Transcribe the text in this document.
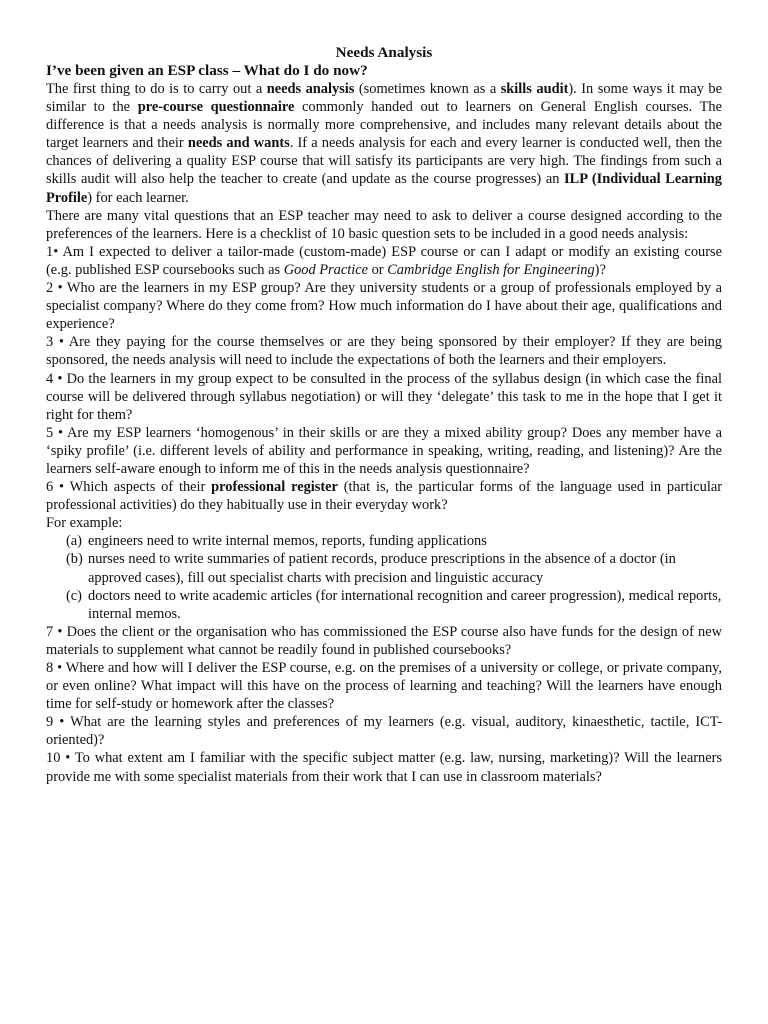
Needs Analysis

I’ve been given an ESP class – What do I do now?

The first thing to do is to carry out a needs analysis (sometimes known as a skills audit). In some ways it may be similar to the pre-course questionnaire commonly handed out to learners on General English courses. The difference is that a needs analysis is normally more comprehensive, and includes many relevant details about the target learners and their needs and wants. If a needs analysis for each and every learner is conducted well, then the chances of delivering a quality ESP course that will satisfy its participants are very high. The findings from such a skills audit will also help the teacher to create (and update as the course progresses) an ILP (Individual Learning Profile) for each learner.

There are many vital questions that an ESP teacher may need to ask to deliver a course designed according to the preferences of the learners. Here is a checklist of 10 basic question sets to be included in a good needs analysis:

1• Am I expected to deliver a tailor-made (custom-made) ESP course or can I adapt or modify an existing course (e.g. published ESP coursebooks such as Good Practice or Cambridge English for Engineering)?

2 • Who are the learners in my ESP group? Are they university students or a group of professionals employed by a specialist company? Where do they come from? How much information do I have about their age, qualifications and experience?

3 • Are they paying for the course themselves or are they being sponsored by their employer? If they are being sponsored, the needs analysis will need to include the expectations of both the learners and their employers.

4 • Do the learners in my group expect to be consulted in the process of the syllabus design (in which case the final course will be delivered through syllabus negotiation) or will they ‘delegate’ this task to me in the hope that I get it right for them?

5 • Are my ESP learners ‘homogenous’ in their skills or are they a mixed ability group? Does any member have a ‘spiky profile’ (i.e. different levels of ability and performance in speaking, writing, reading, and listening)? Are the learners self-aware enough to inform me of this in the needs analysis questionnaire?

6 • Which aspects of their professional register (that is, the particular forms of the language used in particular professional activities) do they habitually use in their everyday work?

For example:

(a) engineers need to write internal memos, reports, funding applications
(b) nurses need to write summaries of patient records, produce prescriptions in the absence of a doctor (in approved cases), fill out specialist charts with precision and linguistic accuracy
(c) doctors need to write academic articles (for international recognition and career progression), medical reports, internal memos.

7 • Does the client or the organisation who has commissioned the ESP course also have funds for the design of new materials to supplement what cannot be readily found in published coursebooks?

8 • Where and how will I deliver the ESP course, e.g. on the premises of a university or college, or private company, or even online? What impact will this have on the process of learning and teaching? Will the learners have enough time for self-study or homework after the classes?

9 • What are the learning styles and preferences of my learners (e.g. visual, auditory, kinaesthetic, tactile, ICT-oriented)?

10 • To what extent am I familiar with the specific subject matter (e.g. law, nursing, marketing)? Will the learners provide me with some specialist materials from their work that I can use in classroom materials?
